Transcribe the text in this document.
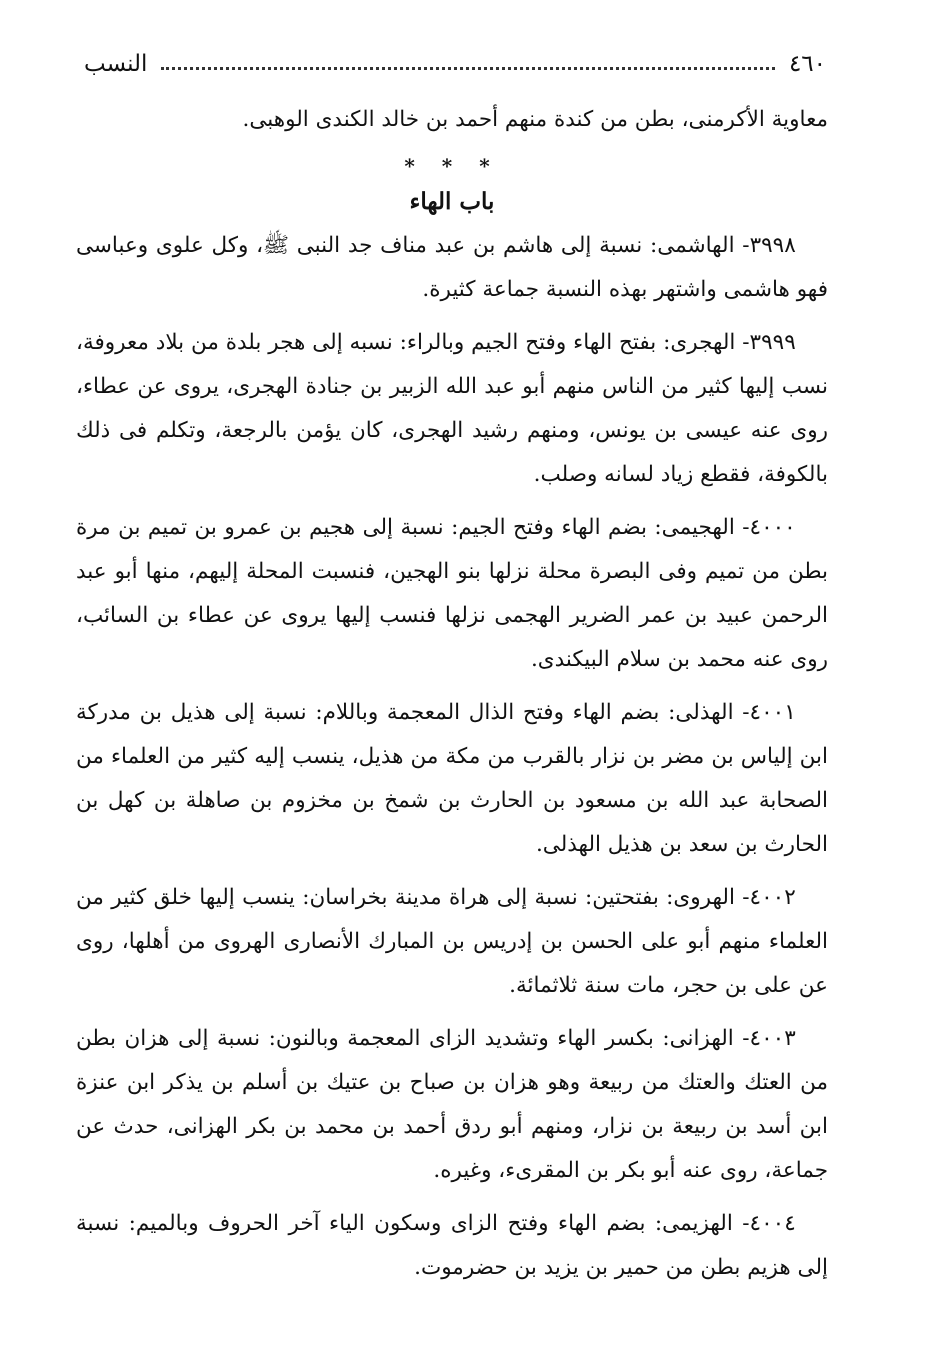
٤٦٠
النسب

معاوية الأكرمنى، بطن من كندة منهم أحمد بن خالد الكندى الوهبى.

* * *
باب الهاء

  ٣٩٩٨- الهاشمى: نسبة إلى هاشم بن عبد مناف جد النبى ﷺ، وكل علوى وعباسى فهو هاشمى واشتهر بهذه النسبة جماعة كثيرة.

  ٣٩٩٩- الهجرى: بفتح الهاء وفتح الجيم وبالراء: نسبه إلى هجر بلدة من بلاد معروفة، نسب إليها كثير من الناس منهم أبو عبد الله الزبير بن جنادة الهجرى، يروى عن عطاء، روى عنه عيسى بن يونس، ومنهم رشيد الهجرى، كان يؤمن بالرجعة، وتكلم فى ذلك بالكوفة، فقطع زياد لسانه وصلب.

  ٤٠٠٠- الهجيمى: بضم الهاء وفتح الجيم: نسبة إلى هجيم بن عمرو بن تميم بن مرة بطن من تميم وفى البصرة محلة نزلها بنو الهجين، فنسبت المحلة إليهم، منها أبو عبد الرحمن عبيد بن عمر الضرير الهجمى نزلها فنسب إليها يروى عن عطاء بن السائب، روى عنه محمد بن سلام البيكندى.

  ٤٠٠١- الهذلى: بضم الهاء وفتح الذال المعجمة وباللام: نسبة إلى هذيل بن مدركة ابن إلياس بن مضر بن نزار بالقرب من مكة من هذيل، ينسب إليه كثير من العلماء من الصحابة عبد الله بن مسعود بن الحارث بن شمخ بن مخزوم بن صاهلة بن كهل بن الحارث بن سعد بن هذيل الهذلى.

  ٤٠٠٢- الهروى: بفتحتين: نسبة إلى هراة مدينة بخراسان: ينسب إليها خلق كثير من العلماء منهم أبو على الحسن بن إدريس بن المبارك الأنصارى الهروى من أهلها، روى عن على بن حجر، مات سنة ثلاثمائة.

  ٤٠٠٣- الهزانى: بكسر الهاء وتشديد الزاى المعجمة وبالنون: نسبة إلى هزان بطن من العتك والعتك من ربيعة وهو هزان بن صباح بن عتيك بن أسلم بن يذكر ابن عنزة ابن أسد بن ربيعة بن نزار، ومنهم أبو ردق أحمد بن محمد بن بكر الهزانى، حدث عن جماعة، روى عنه أبو بكر بن المقرىء، وغيره.

  ٤٠٠٤- الهزيمى: بضم الهاء وفتح الزاى وسكون الياء آخر الحروف وبالميم: نسبة إلى هزيم بطن من حمير بن يزيد بن حضرموت.
